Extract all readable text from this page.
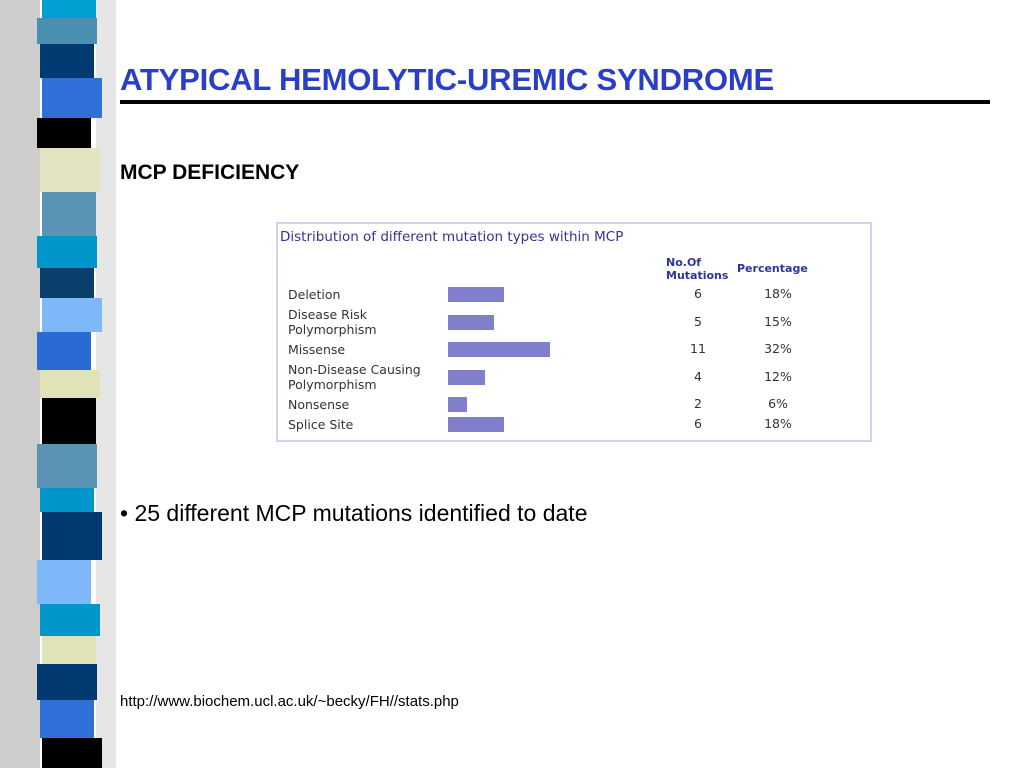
ATYPICAL HEMOLYTIC-UREMIC SYNDROME
MCP DEFICIENCY
Distribution of different mutation types within MCP
No.Of
Mutations
Percentage
Deletion	6	18%
Disease Risk
Polymorphism
5	15%
Missense	11	32%
Non-Disease Causing
Polymorphism
4	12%
Nonsense	2	6%
Splice Site	6	18%
• 25 different MCP mutations identified to date
http://www.biochem.ucl.ac.uk/~becky/FH//stats.php
